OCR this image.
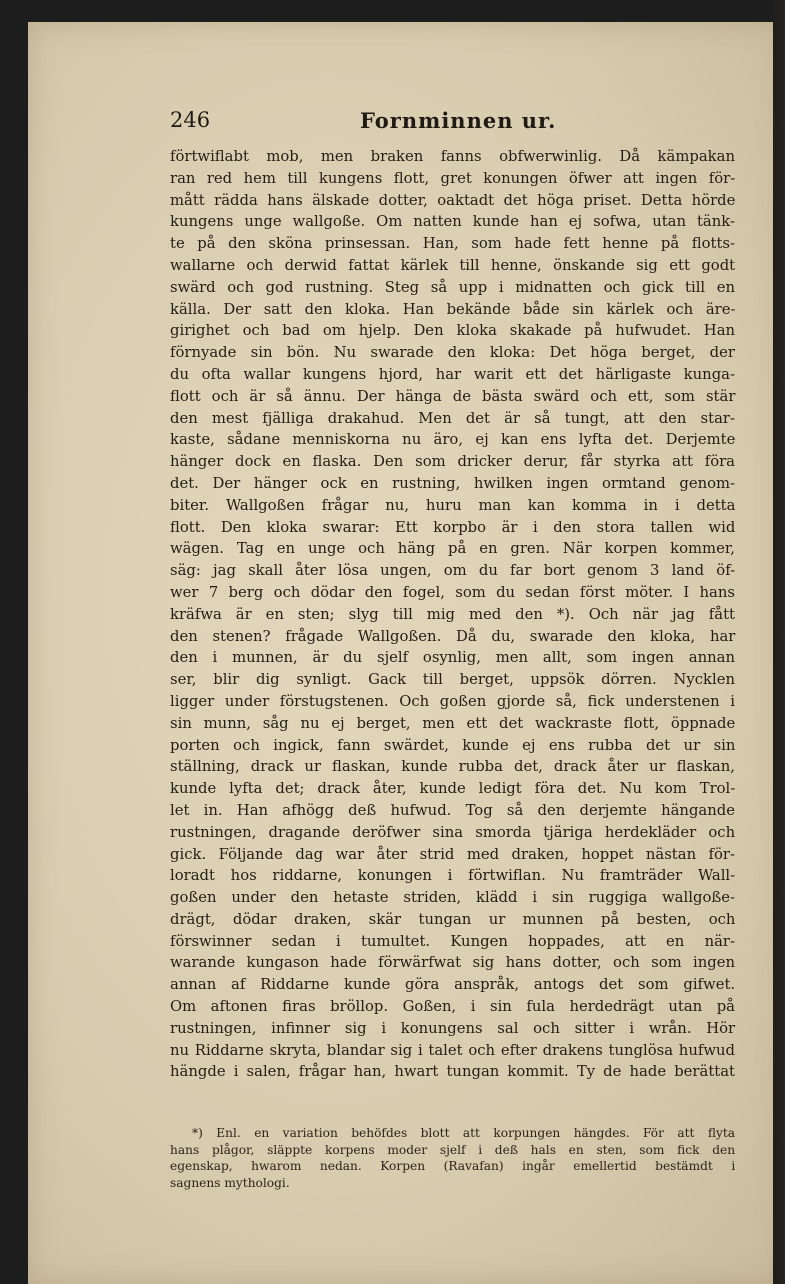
246	Fornminnen ur.
förtwiflabt mob, men braken fanns obfwerwinlig. Då kämpakan
ran red hem till kungens flott, gret konungen öfwer att ingen för-
mått rädda hans älskade dotter, oaktadt det höga priset. Detta hörde
kungens unge wallgoße. Om natten kunde han ej sofwa, utan tänk-
te på den sköna prinsessan. Han, som hade fett henne på flotts-
wallarne och derwid fattat kärlek till henne, önskande sig ett godt
swärd och god rustning. Steg så upp i midnatten och gick till en
källa. Der satt den kloka. Han bekände både sin kärlek och äre-
girighet och bad om hjelp. Den kloka skakade på hufwudet. Han
förnyade sin bön. Nu swarade den kloka: Det höga berget, der
du ofta wallar kungens hjord, har warit ett det härligaste kunga-
flott och är så ännu. Der hänga de bästa swärd och ett, som stär
den mest fjälliga drakahud. Men det är så tungt, att den star-
kaste, sådane menniskorna nu äro, ej kan ens lyfta det. Derjemte
hänger dock en flaska. Den som dricker derur, får styrka att föra
det. Der hänger ock en rustning, hwilken ingen ormtand genom-
biter. Wallgoßen frågar nu, huru man kan komma in i detta
flott. Den kloka swarar: Ett korpbo är i den stora tallen wid
wägen. Tag en unge och häng på en gren. När korpen kommer,
säg: jag skall åter lösa ungen, om du far bort genom 3 land öf-
wer 7 berg och dödar den fogel, som du sedan först möter. I hans
kräfwa är en sten; slyg till mig med den *). Och när jag fått
den stenen? frågade Wallgoßen. Då du, swarade den kloka, har
den i munnen, är du sjelf osynlig, men allt, som ingen annan
ser, blir dig synligt. Gack till berget, uppsök dörren. Nycklen
ligger under förstugstenen. Och goßen gjorde så, fick understenen i
sin munn, såg nu ej berget, men ett det wackraste flott, öppnade
porten och ingick, fann swärdet, kunde ej ens rubba det ur sin
ställning, drack ur flaskan, kunde rubba det, drack åter ur flaskan,
kunde lyfta det; drack åter, kunde ledigt föra det. Nu kom Trol-
let in. Han afhögg deß hufwud. Tog så den derjemte hängande
rustningen, dragande deröfwer sina smorda tjäriga herdekläder och
gick. Följande dag war åter strid med draken, hoppet nästan för-
loradt hos riddarne, konungen i förtwiflan. Nu framträder Wall-
goßen under den hetaste striden, klädd i sin ruggiga wallgoße-
drägt, dödar draken, skär tungan ur munnen på besten, och
förswinner sedan i tumultet. Kungen hoppades, att en när-
warande kungason hade förwärfwat sig hans dotter, och som ingen
annan af Riddarne kunde göra anspråk, antogs det som gifwet.
Om aftonen firas bröllop. Goßen, i sin fula herdedrägt utan på
rustningen, infinner sig i konungens sal och sitter i wrån. Hör
nu Riddarne skryta, blandar sig i talet och efter drakens tunglösa hufwud
hängde i salen, frågar han, hwart tungan kommit. Ty de hade berättat
*) Enl. en variation behöfdes blott att korpungen hängdes. För att flyta
hans plågor, släppte korpens moder sjelf i deß hals en sten, som fick den
egenskap, hwarom nedan. Korpen (Ravafan) ingår emellertid bestämdt i
sagnens mythologi.
